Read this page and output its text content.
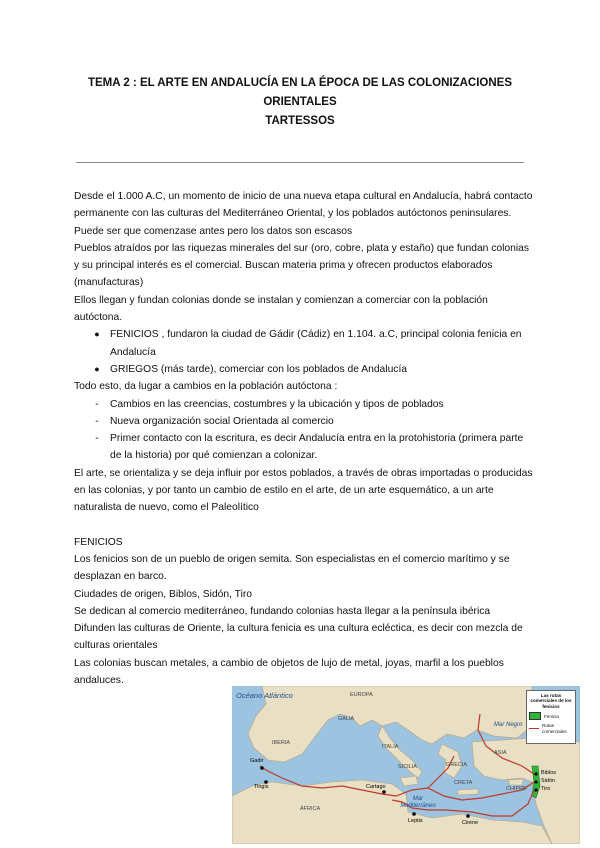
TEMA 2 : EL ARTE EN ANDALUCÍA EN LA ÉPOCA DE LAS COLONIZACIONES
ORIENTALES
TARTESSOS

Desde el 1.000 A.C, un momento de inicio de una nueva etapa cultural en Andalucía, habrá contacto permanente con las culturas del Mediterráneo Oriental, y los poblados autóctonos peninsulares. Puede ser que comenzase antes pero los datos son escasos

Pueblos atraídos por las riquezas minerales del sur (oro, cobre, plata y estaño) que fundan colonias y su principal interés es el comercial. Buscan materia prima y ofrecen productos elaborados (manufacturas)

Ellos llegan y fundan colonias donde se instalan y comienzan a comerciar con la población autóctona.

● FENICIOS , fundaron la ciudad de Gádir (Cádiz) en 1.104. a.C, principal colonia fenicia en Andalucía
● GRIEGOS (más tarde), comerciar con los poblados de Andalucía

Todo esto, da lugar a cambios en la población autóctona :

-	Cambios en las creencias, costumbres y la ubicación y tipos de poblados
-	Nueva organización social Orientada al comercio
-	Primer contacto con la escritura, es decir Andalucía entra en la protohistoria (primera parte de la historia) por qué comienzan a colonizar.

El arte, se orientaliza y se deja influir por estos poblados, a través de obras importadas o producidas en las colonias, y por tanto un cambio de estilo en el arte, de un arte esquemático, a un arte naturalista de nuevo, como el Paleolítico

FENICIOS

Los fenicios son de un pueblo de origen semita. Son especialistas en el comercio marítimo y se desplazan en barco.

Ciudades de origen, Biblos, Sidón, Tiro

Se dedican al comercio mediterráneo, fundando colonias hasta llegar a la península ibérica

Difunden las culturas de Oriente, la cultura fenicia es una cultura ecléctica, es decir con mezcla de culturas orientales

Las colonias buscan metales, a cambio de objetos de lujo de metal, joyas, marfil a los pueblos andaluces.

Océano Atlántico	EUROPA
GALIA
IBERIA
ITALIA
SICILIA	GRECIA
ASIA
Mar Negro
CRETA
CHIPRE
Mar Mediterráneo
ÁFRICA
Gadir
Tingis	Cartago
Leptis	Cirene
Biblos
Sidón
Tiro
Las rutas comerciales de los fenicios
Fenicia
Rutas comerciales
